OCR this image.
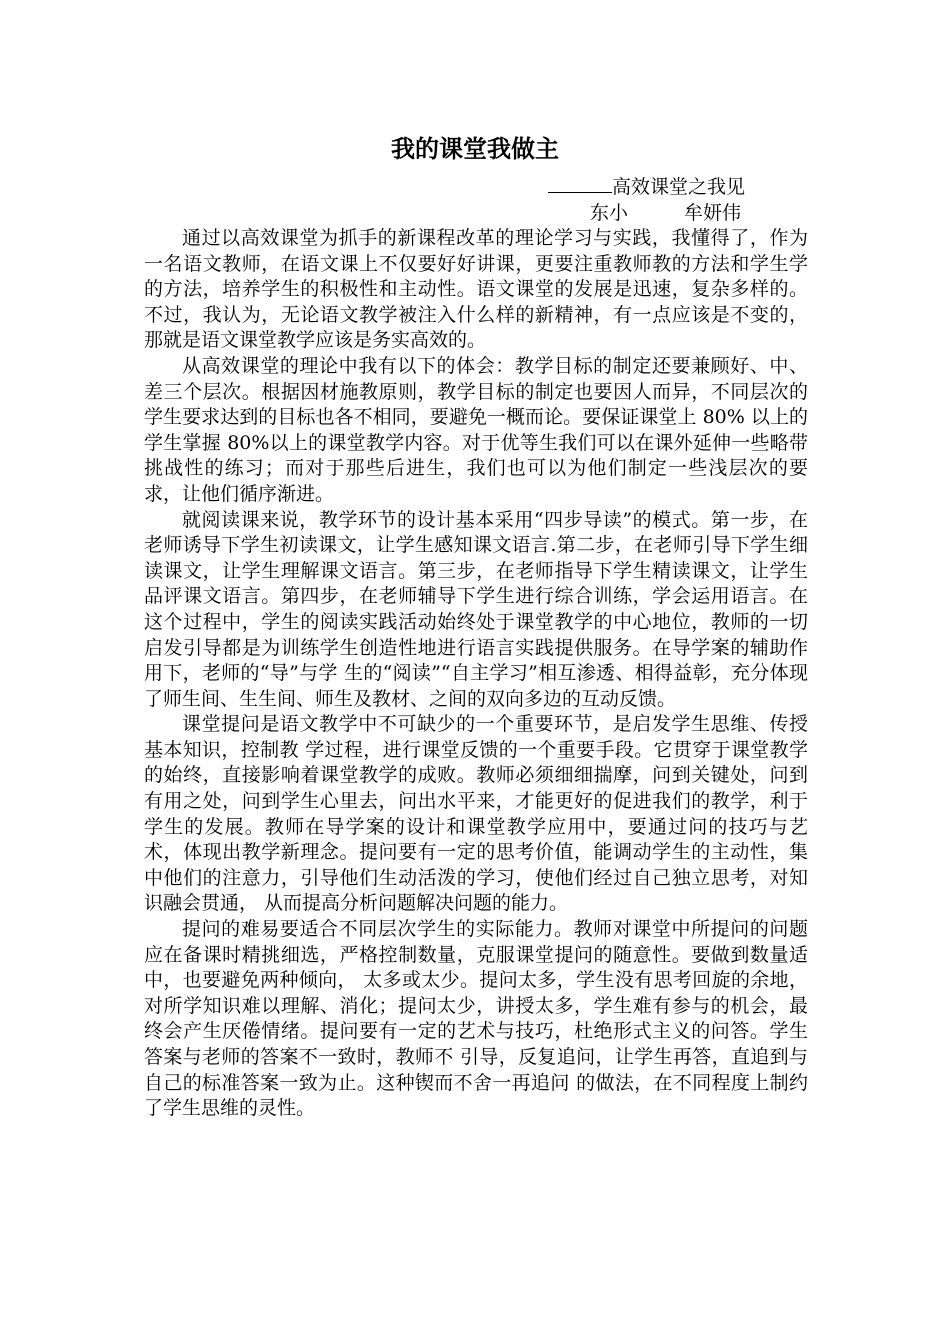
我的课堂我做主
高效课堂之我见
东小	牟妍伟

通过以高效课堂为抓手的新课程改革的理论学习与实践，我懂得了，作为一名语文教师，在语文课上不仅要好好讲课，更要注重教师教的方法和学生学的方法，培养学生的积极性和主动性。语文课堂的发展是迅速，复杂多样的。不过，我认为，无论语文教学被注入什么样的新精神，有一点应该是不变的，那就是语文课堂教学应该是务实高效的。

从高效课堂的理论中我有以下的体会：教学目标的制定还要兼顾好、中、差三个层次。根据因材施教原则，教学目标的制定也要因人而异，不同层次的学生要求达到的目标也各不相同，要避免一概而论。要保证课堂上 80% 以上的学生掌握 80%以上的课堂教学内容。对于优等生我们可以在课外延伸一些略带挑战性的练习；而对于那些后进生，我们也可以为他们制定一些浅层次的要求，让他们循序渐进。

就阅读课来说，教学环节的设计基本采用“四步导读”的模式。第一步，在老师诱导下学生初读课文，让学生感知课文语言.第二步，在老师引导下学生细读课文，让学生理解课文语言。第三步，在老师指导下学生精读课文，让学生品评课文语言。第四步，在老师辅导下学生进行综合训练，学会运用语言。在这个过程中，学生的阅读实践活动始终处于课堂教学的中心地位，教师的一切启发引导都是为训练学生创造性地进行语言实践提供服务。在导学案的辅助作用下，老师的“导”与学 生的“阅读”“自主学习”相互渗透、相得益彰，充分体现了师生间、生生间、师生及教材、之间的双向多边的互动反馈。

课堂提问是语文教学中不可缺少的一个重要环节，是启发学生思维、传授基本知识，控制教 学过程，进行课堂反馈的一个重要手段。它贯穿于课堂教学的始终，直接影响着课堂教学的成败。教师必须细细揣摩，问到关键处，问到有用之处，问到学生心里去，问出水平来，才能更好的促进我们的教学，利于学生的发展。教师在导学案的设计和课堂教学应用中，要通过问的技巧与艺术，体现出教学新理念。提问要有一定的思考价值，能调动学生的主动性，集中他们的注意力，引导他们生动活泼的学习，使他们经过自己独立思考，对知识融会贯通， 从而提高分析问题解决问题的能力。

提问的难易要适合不同层次学生的实际能力。教师对课堂中所提问的问题应在备课时精挑细选，严格控制数量，克服课堂提问的随意性。要做到数量适中，也要避免两种倾向， 太多或太少。提问太多，学生没有思考回旋的余地，对所学知识难以理解、消化；提问太少，讲授太多，学生难有参与的机会，最终会产生厌倦情绪。提问要有一定的艺术与技巧，杜绝形式主义的问答。学生答案与老师的答案不一致时，教师不 引导，反复追问，让学生再答，直追到与自己的标准答案一致为止。这种锲而不舍一再追问 的做法，在不同程度上制约了学生思维的灵性。
